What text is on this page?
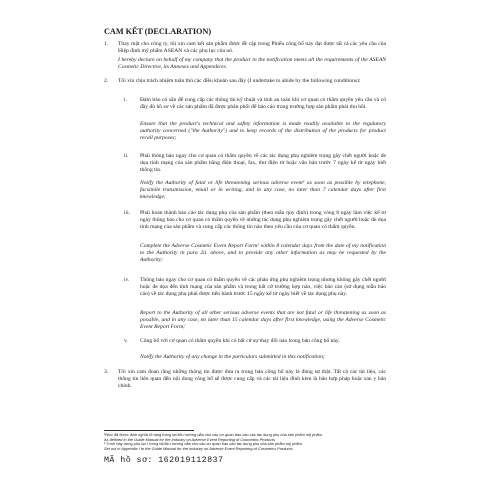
CAM KẾT (DECLARATION)
1. Thay mặt cho công ty, tôi xin cam kết sản phẩm được đề cập trong Phiếu công bố này đạt được tất cả các yêu cầu của Hiệp định mỹ phẩm ASEAN và các phụ lục của nó.

I hereby declare on behalf of my company that the product in the notification meets all the requirements of the ASEAN Cosmetic Directive, its Annexes and Appendices.

2. Tôi xin chịu trách nhiệm tuân thủ các điều khoản sau đây (I undertake to abide by the following conditions):

i. Đảm bảo có sẵn để cung cấp các thông tin kỹ thuật và tính an toàn khi cơ quan có thẩm quyền yêu cầu và có đầy đủ hồ sơ về các sản phẩm đã được phân phối để báo cáo trong trường hợp sản phẩm phải thu hồi.

Ensure that the product's technical and safety information is made readily available to the regulatory authority concerned ("the Authority") and to keep records of the distribution of the products for product recall purposes;

ii. Phải thông báo ngay cho cơ quan có thẩm quyền về các tác dụng phụ nghiêm trọng gây chết người hoặc đe dọa tính mạng của sản phẩm bằng điện thoại, fax, thư điện tử hoặc văn bản trước 7 ngày kể từ ngày biết thông tin.

Notify the Authority of fatal or life threatening serious adverse event¹ as soon as possible by telephone, facsimile transmission, email or in writing, and in any case, no later than 7 calendar days after first knowledge;

iii. Phải hoàn thành báo cáo tác dụng phụ của sản phẩm (theo mẫu quy định) trong vòng 8 ngày làm việc kể từ ngày thông báo cho cơ quan có thẩm quyền về những tác dụng phụ nghiêm trọng gây chết người hoặc đe dọa tính mạng của sản phẩm và cung cấp các thông tin nào theo yêu cầu của cơ quan có thẩm quyền.

Complete the Adverse Cosmetic Event Report Form² within 8 calendar days from the date of my notification to the Authority in para 2ii. above, and to provide any other information as may be requested by the Authority;

iv. Thông báo ngay cho cơ quan có thẩm quyền về các phản ứng phụ nghiêm trọng nhưng không gây chết người hoặc đe dọa đến tính mạng của sản phẩm và trong bất cứ trường hợp nào, việc báo cáo (sử dụng mẫu báo cáo) về tác dụng phụ phải được tiến hành trước 15 ngày kể từ ngày biết về tác dụng phụ này.

Report to the Authority of all other serious adverse events that are not fatal or life threatening as soon as possible, and in any case, no later than 15 calendar days after first knowledge, using the Adverse Cosmetic Event Report Form;

v. Công bố với cơ quan có thẩm quyền khi có bất cứ sự thay đổi nào trong bản công bố này.

Notify the Authority of any change in the particulars submitted in this notification;

3. Tôi xin cam đoan rằng những thông tin được đưa ra trong bản công bố này là đúng sự thật. Tất cả các tài liệu, các thông tin liên quan đến nội dung công bố sẽ được cung cấp và các tài liệu đính kèm là bản hợp pháp hoặc sao y bản chính.

¹Như đã được định nghĩa rõ ràng trong tài liệu hướng dẫn cho các cơ quan báo cáo các tác dụng phụ của sản phẩm mỹ phẩm.
As defined in the Guide Manual for the Industry on Adverse Event Reporting of Cosmetics Products
² Trình bày trong phụ lục I trong tài liệu hướng dẫn cho các cơ quan báo cáo tác dụng phụ của sản phẩm mỹ phẩm.
Set out in Appendix I to the Guide Manual for the Industry on Adverse Event Reporting of Cosmetics Products
MÃ hồ sơ: 162019112837
